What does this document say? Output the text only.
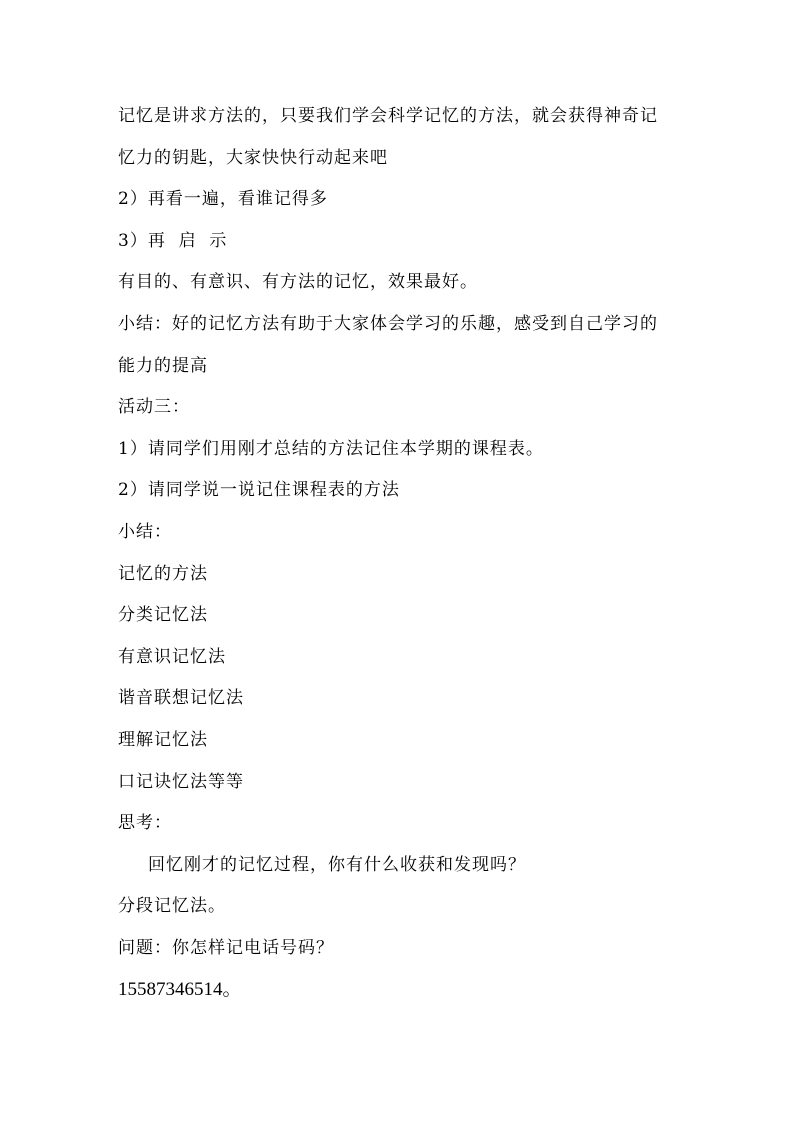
记忆是讲求方法的，只要我们学会科学记忆的方法，就会获得神奇记
忆力的钥匙，大家快快行动起来吧
2）再看一遍，看谁记得多
3）再  启  示
有目的、有意识、有方法的记忆，效果最好。
小结：好的记忆方法有助于大家体会学习的乐趣，感受到自己学习的
能力的提高
活动三：
1）请同学们用刚才总结的方法记住本学期的课程表。
2）请同学说一说记住课程表的方法
小结：
记忆的方法
分类记忆法
有意识记忆法
谐音联想记忆法
理解记忆法
口记诀忆法等等
思考：
回忆刚才的记忆过程，你有什么收获和发现吗？
分段记忆法。
问题：你怎样记电话号码？
15587346514。
